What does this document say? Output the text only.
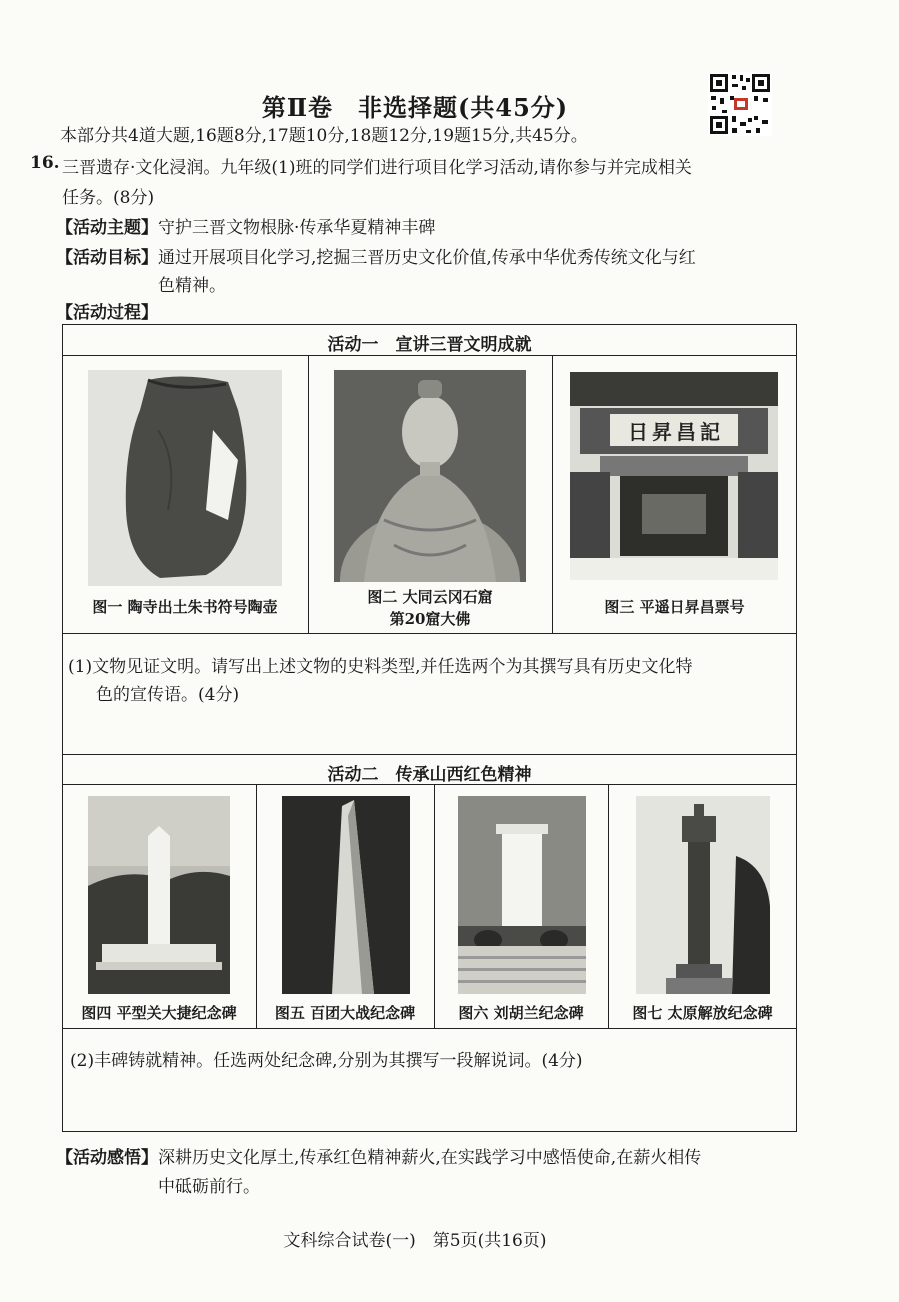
第Ⅱ卷　非选择题(共45分)
本部分共4道大题,16题8分,17题10分,18题12分,19题15分,共45分。
16. 三晋遗存·文化浸润。九年级(1)班的同学们进行项目化学习活动,请你参与并完成相关
任务。(8分)
【活动主题】 守护三晋文物根脉·传承华夏精神丰碑
【活动目标】 通过开展项目化学习,挖掘三晋历史文化价值,传承中华优秀传统文化与红
色精神。
【活动过程】
活动一　宣讲三晋文明成就
图一 陶寺出土朱书符号陶壶
图二 大同云冈石窟
第20窟大佛
日昇昌記
图三 平遥日昇昌票号
(1)文物见证文明。请写出上述文物的史料类型,并任选两个为其撰写具有历史文化特
色的宣传语。(4分)
活动二　传承山西红色精神
图四 平型关大捷纪念碑	图五 百团大战纪念碑	图六 刘胡兰纪念碑	图七 太原解放纪念碑
(2)丰碑铸就精神。任选两处纪念碑,分别为其撰写一段解说词。(4分)
【活动感悟】 深耕历史文化厚土,传承红色精神薪火,在实践学习中感悟使命,在薪火相传
中砥砺前行。
文科综合试卷(一)　第5页(共16页)
